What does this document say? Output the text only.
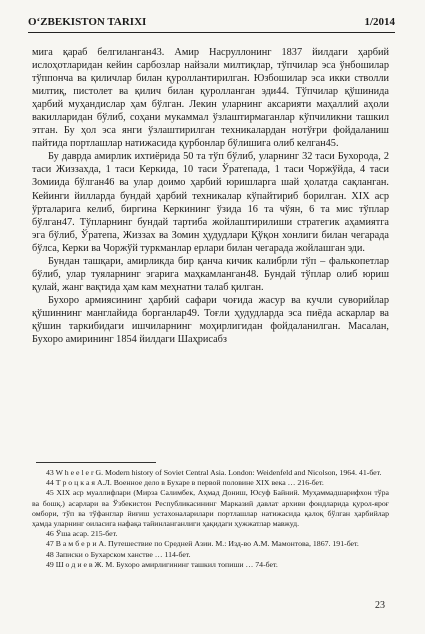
O‘ZBEKISTON TARIXI	1/2014

мига қараб белгиланган43. Амир Насруллонинг 1837 йилдаги ҳарбий ислоҳотларидан кейин сарбозлар найзали милтиқлар, тўпчилар эса ўнбошилар тўппонча ва қиличлар билан қуроллантирилган. Юзбошилар эса икки стволли милтиқ, пистолет ва қилич билан қуролланган эди44. Тўпчилар қўшинида ҳарбий муҳандислар ҳам бўлган. Лекин уларнинг аксарияти маҳаллий аҳоли вакилларидан бўлиб, соҳани мукаммал ўзлаштирмаганлар кўпчиликни ташкил этган. Бу ҳол эса янги ўзлаштирилган техникалардан нотўғри фойдаланиш пайтида портлашлар натижасида қурбонлар бўлишига олиб келган45.

Бу даврда амирлик ихтиёрида 50 та тўп бўлиб, уларнинг 32 таси Бухорода, 2 таси Жиззахда, 1 таси Керкида, 10 таси Ўратепада, 1 таси Чоржўйда, 4 таси Зомиида бўлган46 ва улар доимо ҳарбий юришларга шай ҳолатда сақланган. Кейинги йилларда бундай ҳарбий техникалар кўпайтириб борилган. XIX аср ўрталарига келиб, биргина Керкининг ўзида 16 та чўян, 6 та мис тўплар бўлган47. Тўпларнинг бундай тартиба жойлаштирилиши стратегик аҳамиятга эга бўлиб, Ўратепа, Жиззах ва Зомин ҳудудлари Қўқон хонлиги билан чегарада бўлса, Керки ва Чоржўй туркманлар ерлари билан чегарада жойлашган эди.

Бундан ташқари, амирликда бир қанча кичик калибрли тўп – фалькопетлар бўлиб, улар туяларнинг эгарига маҳкамланган48. Бундай тўплар олиб юриш қулай, жанг вақтида ҳам кам меҳнатни талаб қилган.

Бухоро армиясининг ҳарбий сафари чоғида жасур ва кучли суворийлар қўшиннинг манглайида борганлар49. Тоғли ҳудудларда эса пиёда аскарлар ва қўшин таркибидаги ишчиларнинг моҳирлигидан фойдаланилган. Масалан, Бухоро амирининг 1854 йилдаги Шаҳрисабз

43 W h e e l e r G. Modern history of Soviet Central Asia. London: Weidenfeld and Nicolson, 1964. 41-бет.

44 Т р о ц к а я А.Л. Военное дело в Бухаре в первой половине XIX века … 216-бет.

45 XIX аср муаллифлари (Мирза Салимбек, Аҳмад Дониш, Юсуф Байний. Муҳаммадшарифхон тўра ва бошқ.) асарлари ва Ўзбекистон Республикасининг Марказий давлат архиви фондларида қурол-яроғ омбори, тўп ва тўфанглар йиғиш устахоналарилари портлашлар натижасида қалоқ бўлган ҳарбийлар ҳамда уларнинг оиласига нафақа тайинланганлиги ҳақидаги ҳужжатлар мавжуд.

46 Ўша асар. 215-бет.

47 В а м б е р и А. Путешествие по Средней Азии. М.: Изд-во А.М. Мамонтова, 1867. 191-бет.

48 Записки о Бухарском ханстве … 114-бет.

49 Ш о д и е в Ж. М. Бухоро амирлигининг ташкил топиши … 74-бет.

23
